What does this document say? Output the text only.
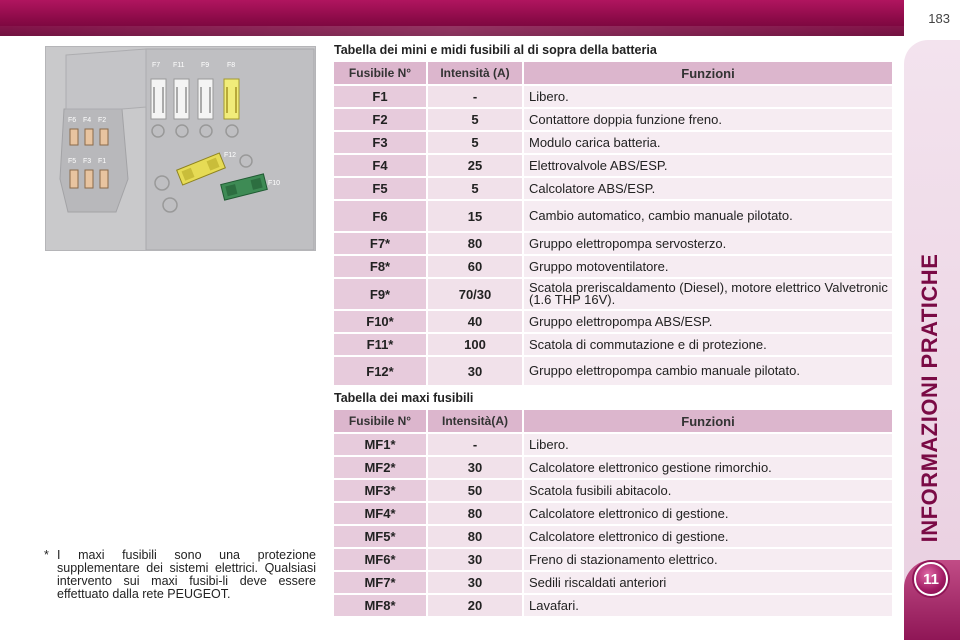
183
INFORMAZIONI PRATICHE
11
F7 F11 F9	F8
F6 F4 F2
F5 F3 F1
F12
F10
* I maxi fusibili sono una protezione supplementare dei sistemi elettrici. Qualsiasi intervento sui maxi fusibi-li deve essere effettuato dalla rete PEUGEOT.
Tabella dei mini e midi fusibili al di sopra della batteria
Fusibile N°	Intensità (A)	Funzioni
F1	-	Libero.
F2	5	Contattore doppia funzione freno.
F3	5	Modulo carica batteria.
F4	25	Elettrovalvole ABS/ESP.
F5	5	Calcolatore ABS/ESP.
F6	15	Cambio automatico, cambio manuale pilotato.
F7*	80	Gruppo elettropompa servosterzo.
F8*	60	Gruppo motoventilatore.
F9*	70/30	Scatola preriscaldamento (Diesel), motore elettrico Valvetronic (1.6 THP 16V).
F10*	40	Gruppo elettropompa ABS/ESP.
F11*	100	Scatola di commutazione e di protezione.
F12*	30	Gruppo elettropompa cambio manuale pilotato.
Tabella dei maxi fusibili
Fusibile N°	Intensità(A)	Funzioni
MF1*	-	Libero.
MF2*	30	Calcolatore elettronico gestione rimorchio.
MF3*	50	Scatola fusibili abitacolo.
MF4*	80	Calcolatore elettronico di gestione.
MF5*	80	Calcolatore elettronico di gestione.
MF6*	30	Freno di stazionamento elettrico.
MF7*	30	Sedili riscaldati anteriori
MF8*	20	Lavafari.
